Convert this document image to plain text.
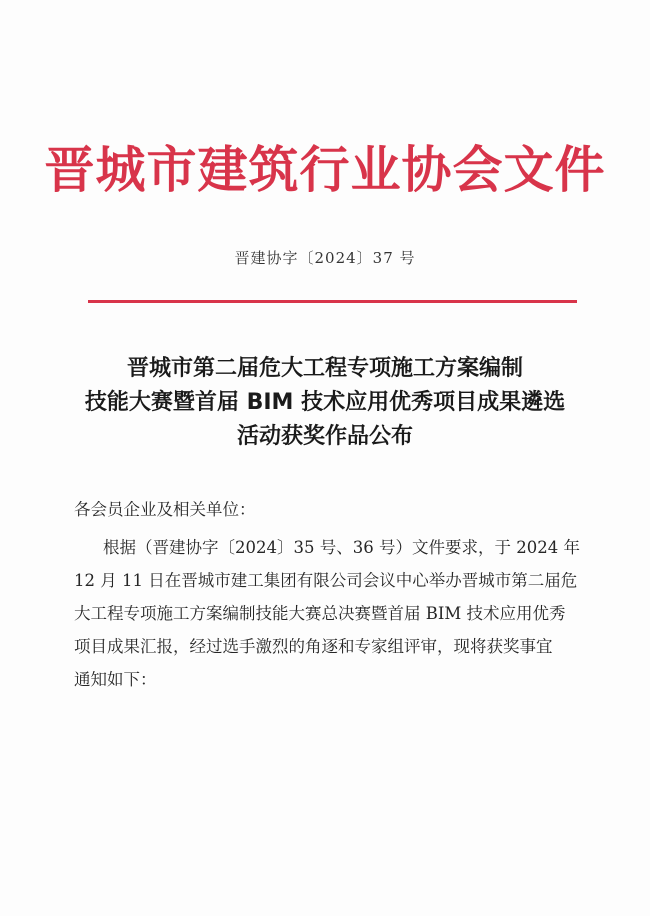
晋城市建筑行业协会文件
晋建协字〔2024〕37 号
晋城市第二届危大工程专项施工方案编制
技能大赛暨首届 BIM 技术应用优秀项目成果遴选
活动获奖作品公布
各会员企业及相关单位：
根据（晋建协字〔2024〕35 号、36 号）文件要求，于 2024 年
12 月 11 日在晋城市建工集团有限公司会议中心举办晋城市第二届危
大工程专项施工方案编制技能大赛总决赛暨首届 BIM 技术应用优秀
项目成果汇报，经过选手激烈的角逐和专家组评审，现将获奖事宜
通知如下：
